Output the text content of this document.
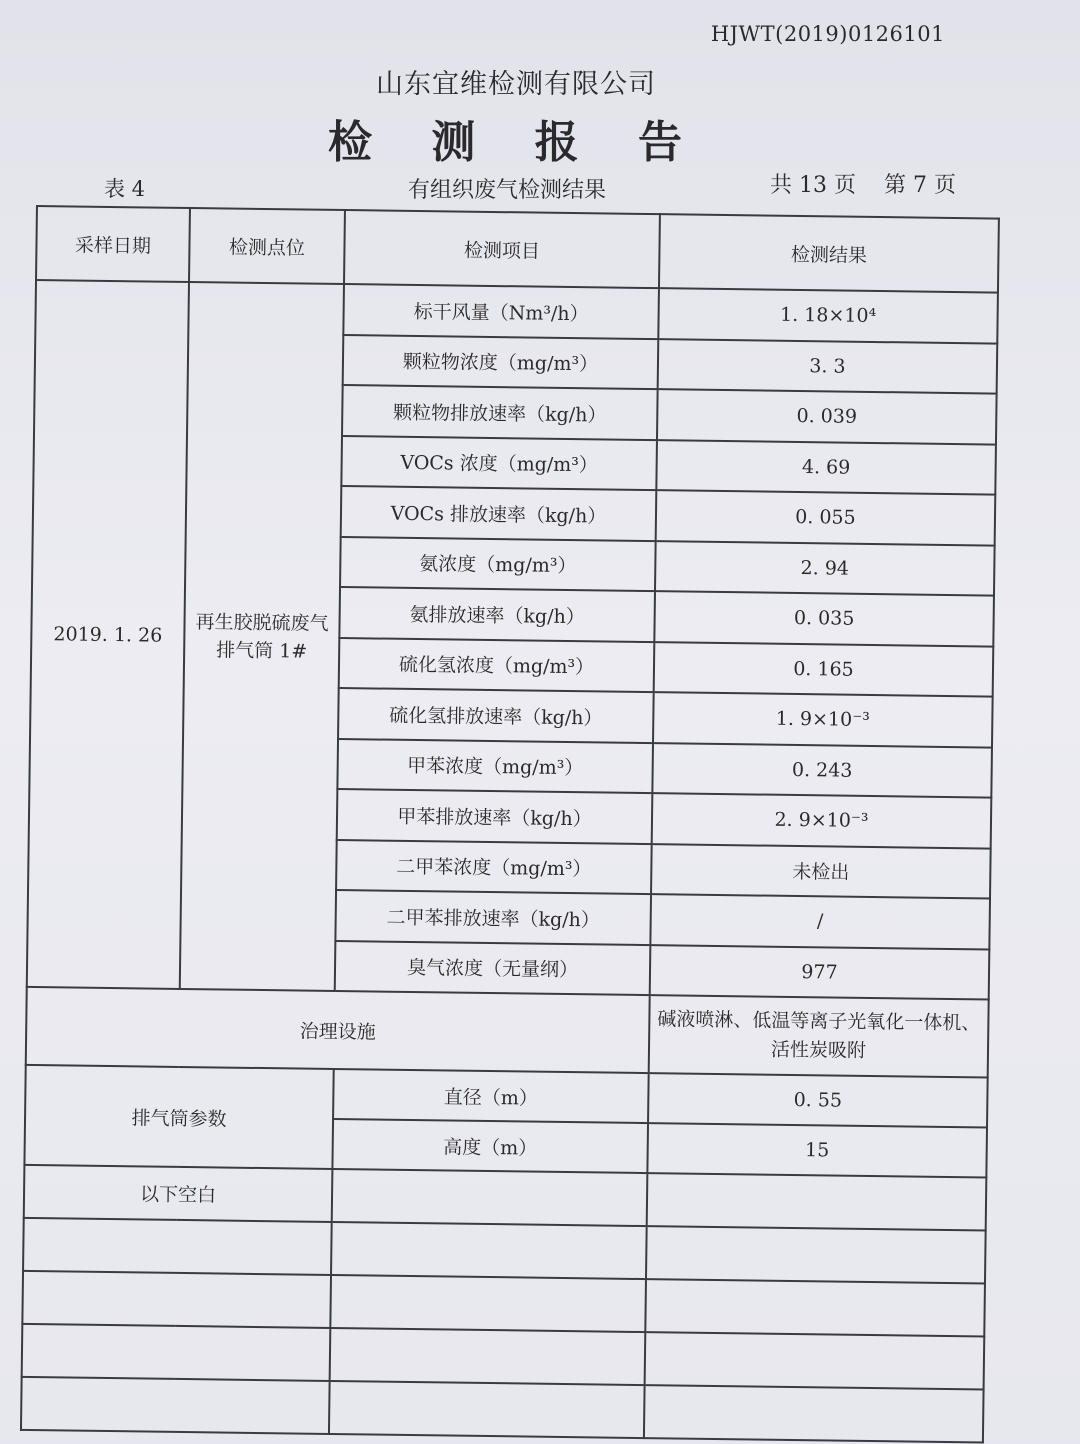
HJWT(2019)0126101
山东宜维检测有限公司
检 测 报 告
表 4	有组织废气检测结果	共 13 页 第 7 页
采样日期	检测点位	检测项目	检测结果
2019. 1. 26	再生胶脱硫废气排气筒 1#	标干风量（Nm³/h）	1. 18×10⁴
		颗粒物浓度（mg/m³）	3. 3
		颗粒物排放速率（kg/h）	0. 039
		VOCs 浓度（mg/m³）	4. 69
		VOCs 排放速率（kg/h）	0. 055
		氨浓度（mg/m³）	2. 94
		氨排放速率（kg/h）	0. 035
		硫化氢浓度（mg/m³）	0. 165
		硫化氢排放速率（kg/h）	1. 9×10⁻³
		甲苯浓度（mg/m³）	0. 243
		甲苯排放速率（kg/h）	2. 9×10⁻³
		二甲苯浓度（mg/m³）	未检出
		二甲苯排放速率（kg/h）	/
		臭气浓度（无量纲）	977
治理设施			碱液喷淋、低温等离子光氧化一体机、活性炭吸附
排气筒参数		直径（m）	0. 55
		高度（m）	15
以下空白			
